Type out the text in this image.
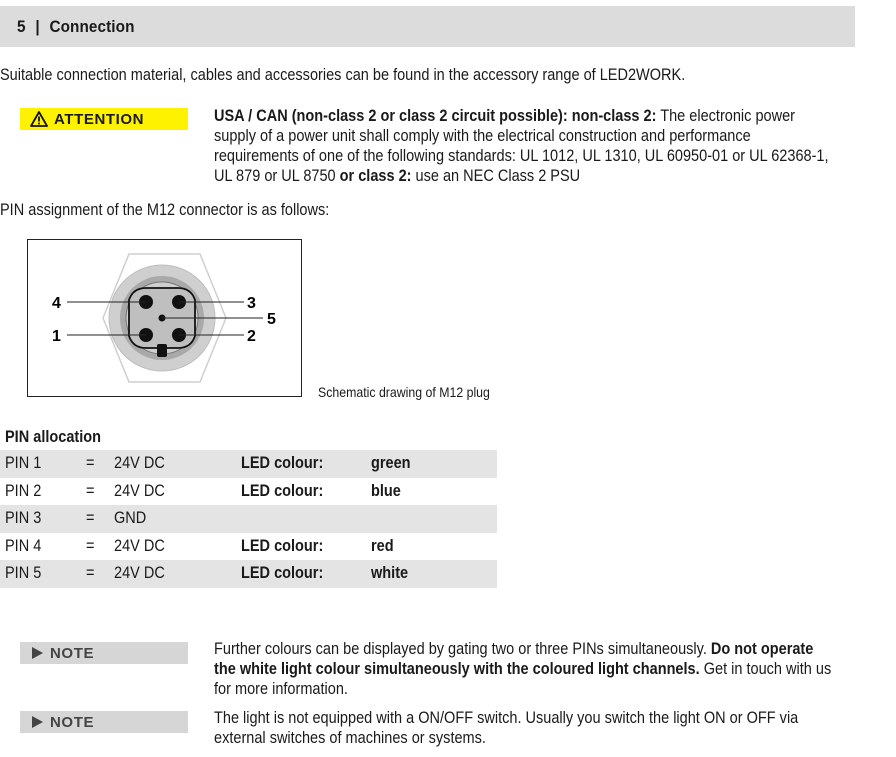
5 | Connection
Suitable connection material, cables and accessories can be found in the accessory range of LED2WORK.
ATTENTION	USA / CAN (non-class 2 or class 2 circuit possible): non-class 2: The electronic power supply of a power unit shall comply with the electrical construction and performance requirements of one of the following standards: UL 1012, UL 1310, UL 60950-01 or UL 62368-1, UL 879 or UL 8750 or class 2: use an NEC Class 2 PSU
PIN assignment of the M12 connector is as follows:
4	3
5
1	2
Schematic drawing of M12 plug
PIN allocation
PIN 1	= 24V DC	LED colour:	green
PIN 2	= 24V DC	LED colour:	blue
PIN 3	= GND
PIN 4	= 24V DC	LED colour:	red
PIN 5	= 24V DC	LED colour:	white
NOTE	Further colours can be displayed by gating two or three PINs simultaneously. Do not operate the white light colour simultaneously with the coloured light channels. Get in touch with us for more information.
NOTE	The light is not equipped with a ON/OFF switch. Usually you switch the light ON or OFF via external switches of machines or systems.
